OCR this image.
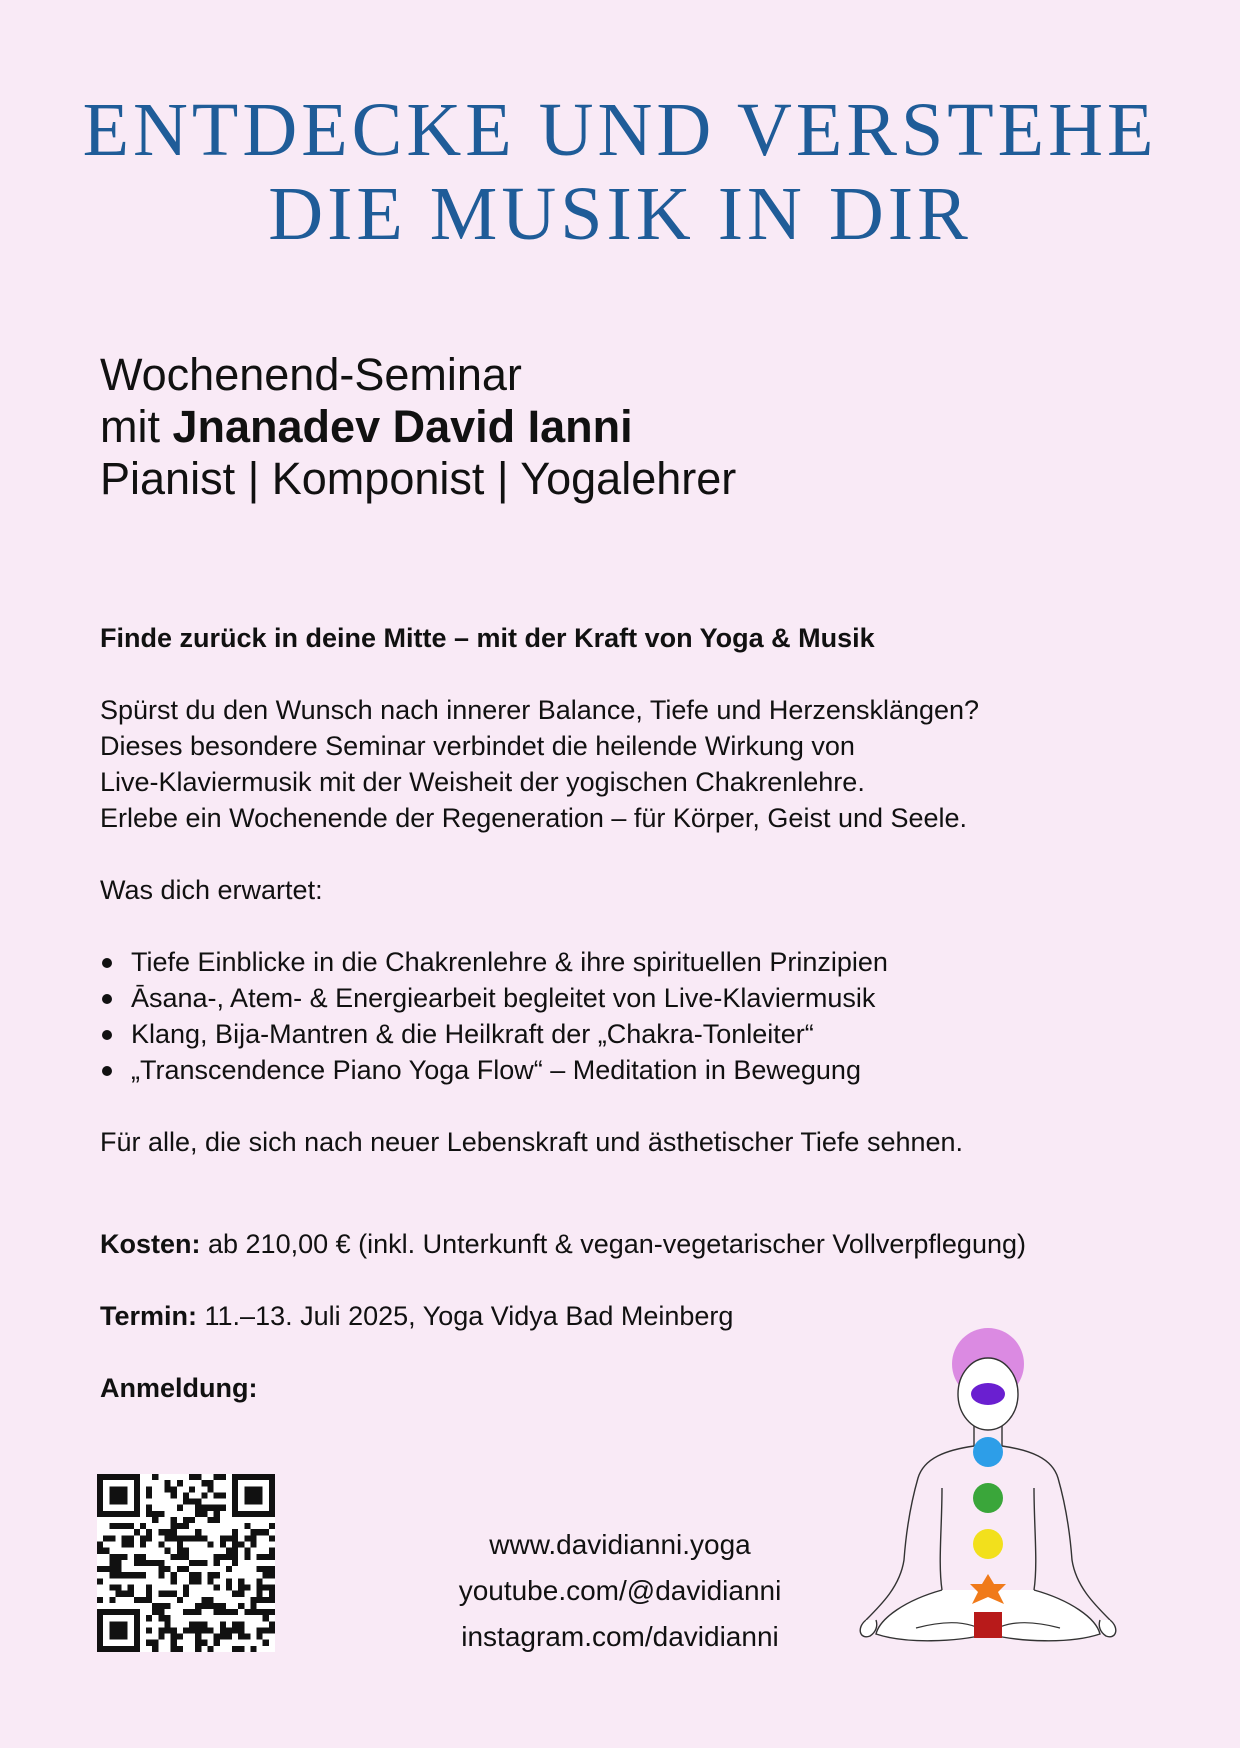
ENTDECKE UND VERSTEHE
DIE MUSIK IN DIR
Wochenend-Seminar
mit Jnanadev David Ianni
Pianist | Komponist | Yogalehrer

Finde zurück in deine Mitte – mit der Kraft von Yoga & Musik

Spürst du den Wunsch nach innerer Balance, Tiefe und Herzensklängen?

Dieses besondere Seminar verbindet die heilende Wirkung von

Live-Klaviermusik mit der Weisheit der yogischen Chakrenlehre.

Erlebe ein Wochenende der Regeneration – für Körper, Geist und Seele.

Was dich erwartet:

Tiefe Einblicke in die Chakrenlehre & ihre spirituellen Prinzipien
Āsana-, Atem- & Energiearbeit begleitet von Live-Klaviermusik
Klang, Bija-Mantren & die Heilkraft der „Chakra-Tonleiter“
„Transcendence Piano Yoga Flow“ – Meditation in Bewegung

Für alle, die sich nach neuer Lebenskraft und ästhetischer Tiefe sehnen.

Kosten: ab 210,00 € (inkl. Unterkunft & vegan-vegetarischer Vollverpflegung)

Termin: 11.–13. Juli 2025, Yoga Vidya Bad Meinberg

Anmeldung:

www.davidianni.yoga
youtube.com/@davidianni
instagram.com/davidianni
